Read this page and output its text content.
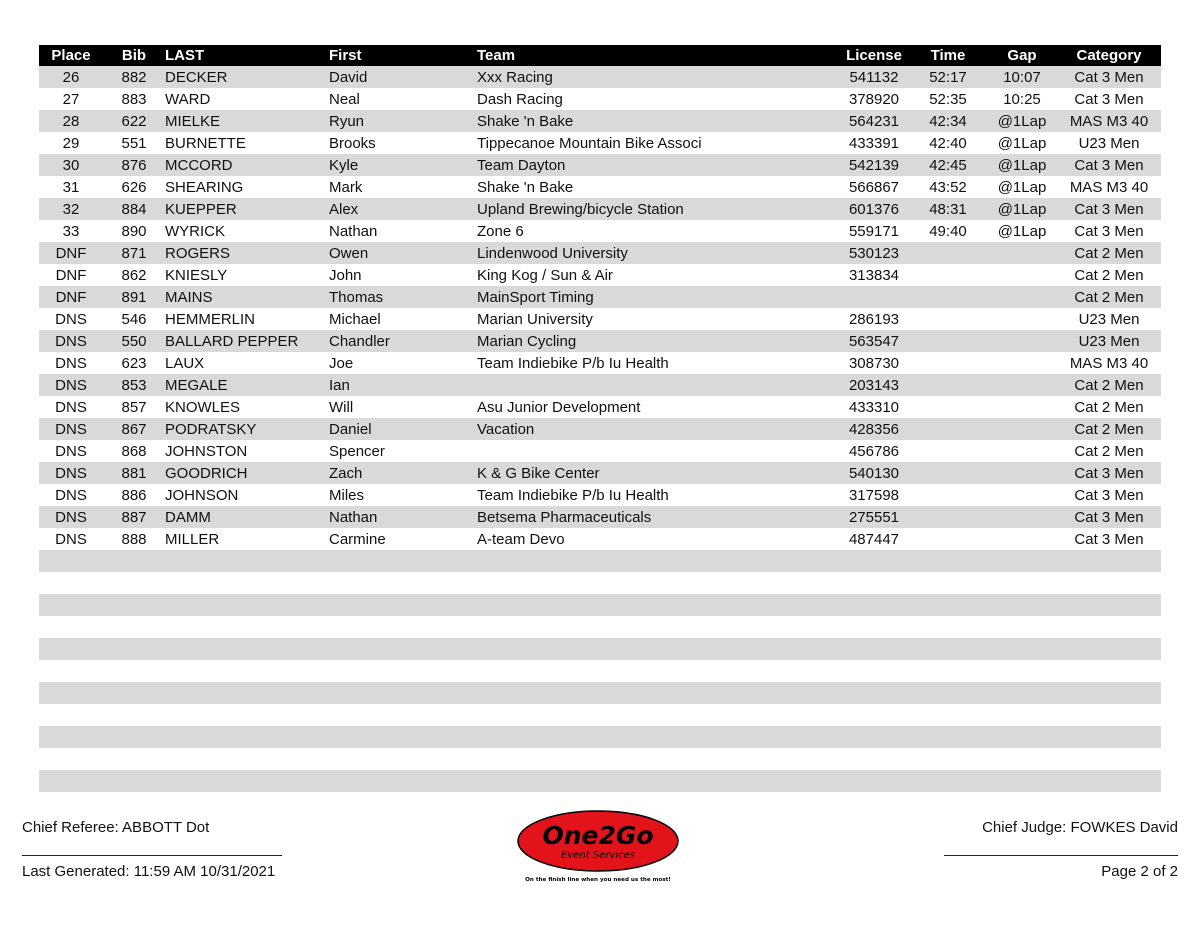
Place	Bib	LAST	First	Team	License	Time	Gap	Category
26	882	DECKER	David	Xxx Racing	541132	52:17	10:07	Cat 3 Men
27	883	WARD	Neal	Dash Racing	378920	52:35	10:25	Cat 3 Men
28	622	MIELKE	Ryun	Shake 'n Bake	564231	42:34	@1Lap	MAS M3 40
29	551	BURNETTE	Brooks	Tippecanoe Mountain Bike Associ	433391	42:40	@1Lap	U23 Men
30	876	MCCORD	Kyle	Team Dayton	542139	42:45	@1Lap	Cat 3 Men
31	626	SHEARING	Mark	Shake 'n Bake	566867	43:52	@1Lap	MAS M3 40
32	884	KUEPPER	Alex	Upland Brewing/bicycle Station	601376	48:31	@1Lap	Cat 3 Men
33	890	WYRICK	Nathan	Zone 6	559171	49:40	@1Lap	Cat 3 Men
DNF	871	ROGERS	Owen	Lindenwood University	530123			Cat 2 Men
DNF	862	KNIESLY	John	King Kog / Sun & Air	313834			Cat 2 Men
DNF	891	MAINS	Thomas	MainSport Timing				Cat 2 Men
DNS	546	HEMMERLIN	Michael	Marian University	286193			U23 Men
DNS	550	BALLARD PEPPER	Chandler	Marian Cycling	563547			U23 Men
DNS	623	LAUX	Joe	Team Indiebike P/b Iu Health	308730			MAS M3 40
DNS	853	MEGALE	Ian		203143			Cat 2 Men
DNS	857	KNOWLES	Will	Asu Junior Development	433310			Cat 2 Men
DNS	867	PODRATSKY	Daniel	Vacation	428356			Cat 2 Men
DNS	868	JOHNSTON	Spencer		456786			Cat 2 Men
DNS	881	GOODRICH	Zach	K & G Bike Center	540130			Cat 3 Men
DNS	886	JOHNSON	Miles	Team Indiebike P/b Iu Health	317598			Cat 3 Men
DNS	887	DAMM	Nathan	Betsema Pharmaceuticals	275551			Cat 3 Men
DNS	888	MILLER	Carmine	A-team Devo	487447			Cat 3 Men

Chief Referee: ABBOTT Dot
Last Generated: 11:59 AM 10/31/2021
Chief Judge: FOWKES David
Page 2 of 2
One2Go
Event Services
On the finish line when you need us the most!
